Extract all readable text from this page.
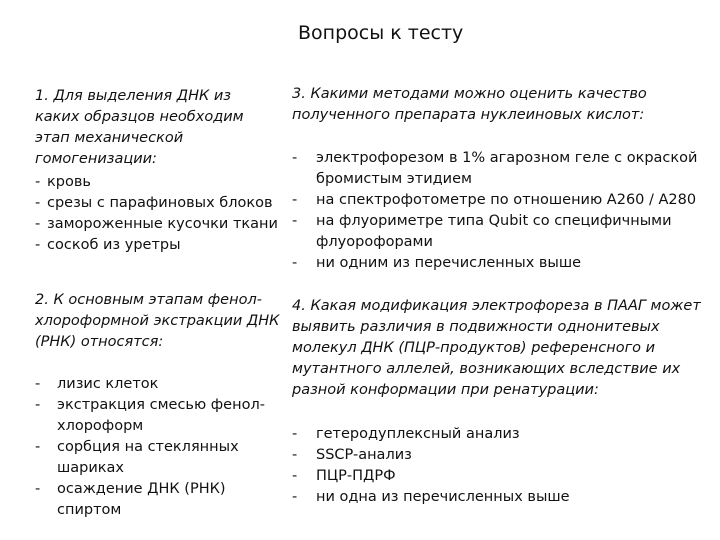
Вопросы к тесту
1. Для выделения ДНК из каких образцов необходим этап механической гомогенизации:
- кровь
- срезы с парафиновых блоков
- замороженные кусочки ткани
- соскоб из уретры
2. К основным этапам фенол-хлороформной экстракции ДНК (РНК) относятся:
- лизис клеток
- экстракция смесью фенол-хлороформ
- сорбция на стеклянных шариках
- осаждение ДНК (РНК) спиртом
3. Какими методами можно оценить качество полученного препарата нуклеиновых кислот:
- электрофорезом в 1% агарозном геле с окраской бромистым этидием
- на спектрофотометре по отношению А260 / А280
- на флуориметре типа Qubit со специфичными флуорофорами
- ни одним из перечисленных выше
4. Какая модификация электрофореза в ПААГ может выявить различия в подвижности однонитевых молекул ДНК (ПЦР-продуктов) референсного и мутантного аллелей, возникающих вследствие их разной конформации при ренатурации:
- гетеродуплексный анализ
- SSCP-анализ
- ПЦР-ПДРФ
- ни одна из перечисленных выше
